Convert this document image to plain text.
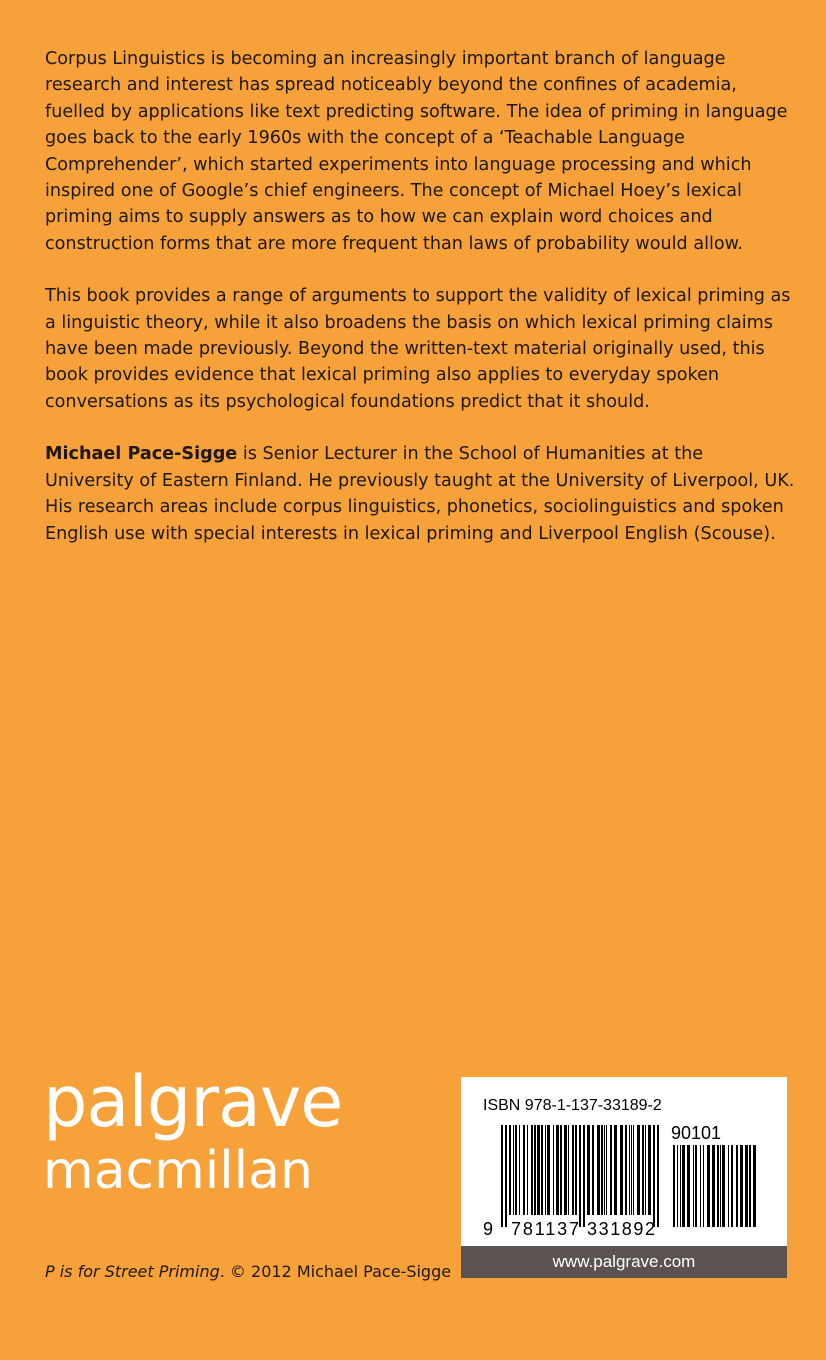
Corpus Linguistics is becoming an increasingly important branch of language research and interest has spread noticeably beyond the confines of academia, fuelled by applications like text predicting software. The idea of priming in language goes back to the early 1960s with the concept of a ‘Teachable Language Comprehender’, which started experiments into language processing and which inspired one of Google’s chief engineers. The concept of Michael Hoey’s lexical priming aims to supply answers as to how we can explain word choices and construction forms that are more frequent than laws of probability would allow.

This book provides a range of arguments to support the validity of lexical priming as a linguistic theory, while it also broadens the basis on which lexical priming claims have been made previously. Beyond the written-text material originally used, this book provides evidence that lexical priming also applies to everyday spoken conversations as its psychological foundations predict that it should.

Michael Pace-Sigge is Senior Lecturer in the School of Humanities at the University of Eastern Finland. He previously taught at the University of Liverpool, UK. His research areas include corpus linguistics, phonetics, sociolinguistics and spoken English use with special interests in lexical priming and Liverpool English (Scouse).

palgrave
macmillan
P is for Street Priming. © 2012 Michael Pace-Sigge
ISBN 978-1-137-33189-2
90101
9 781137 331892
www.palgrave.com
